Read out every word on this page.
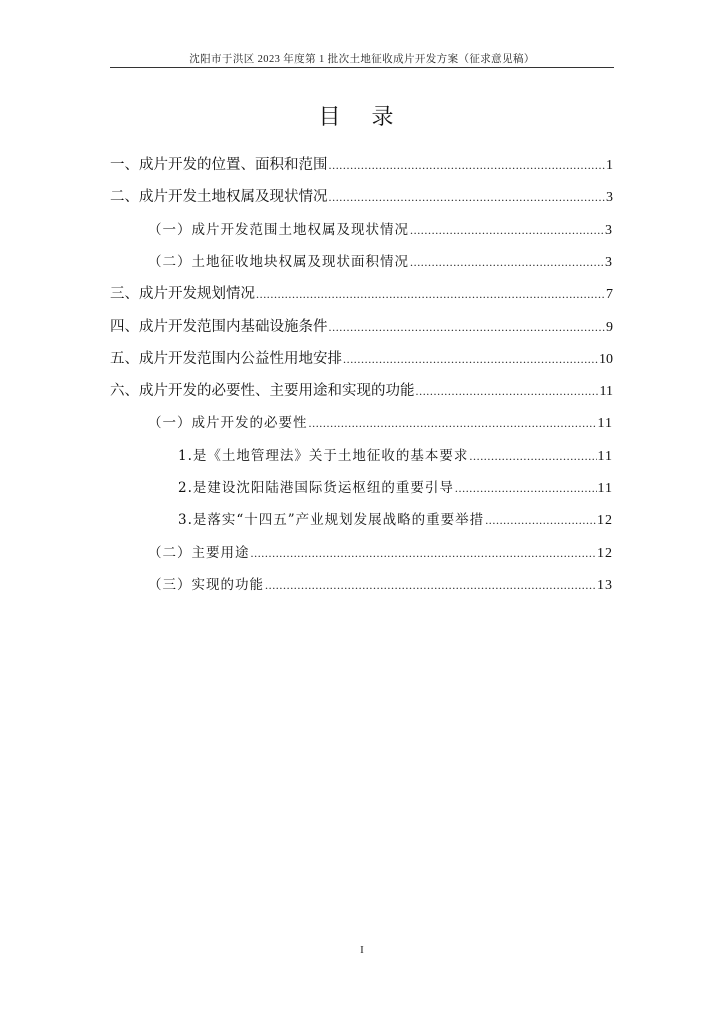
沈阳市于洪区 2023 年度第 1 批次土地征收成片开发方案（征求意见稿）
目 录
一、成片开发的位置、面积和范围 .....	1
二、成片开发土地权属及现状情况 .....	3
（一）成片开发范围土地权属及现状情况 .....	3
（二）土地征收地块权属及现状面积情况 .....	3
三、成片开发规划情况 .....	7
四、成片开发范围内基础设施条件 .....	9
五、成片开发范围内公益性用地安排 .....	10
六、成片开发的必要性、主要用途和实现的功能 .....	11
（一）成片开发的必要性 .....	11
1.是《土地管理法》关于土地征收的基本要求 .....	11
2.是建设沈阳陆港国际货运枢纽的重要引导 .....	11
3.是落实“十四五”产业规划发展战略的重要举措 .....	12
（二）主要用途 .....	12
（三）实现的功能 .....	13
I
